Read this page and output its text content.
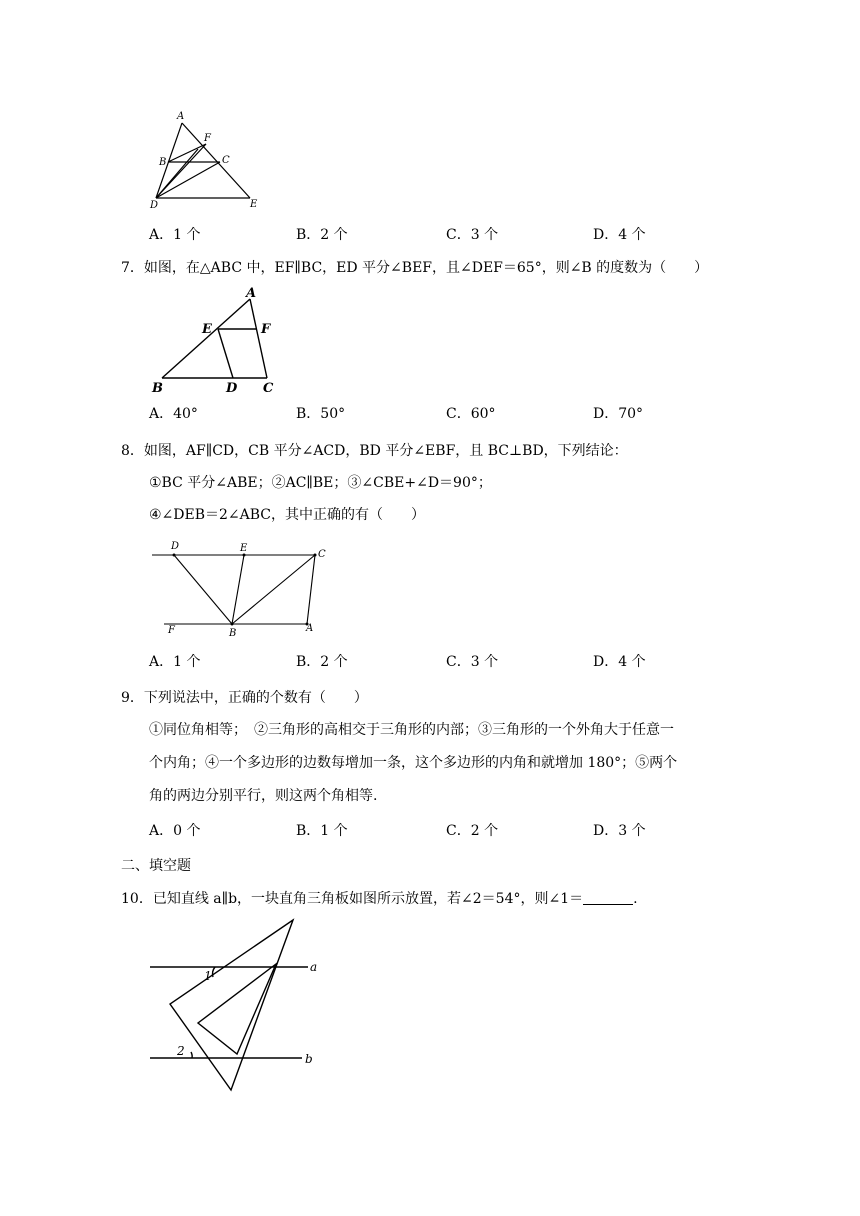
A
F
B	C
D	E
A．1 个	B．2 个	C．3 个	D．4 个
7．如图，在△ABC 中，EF∥BC，ED 平分∠BEF，且∠DEF＝65°，则∠B 的度数为（　　）
A
E	F
B	D C
A．40°	B．50°	C．60°	D．70°
8．如图，AF∥CD，CB 平分∠ACD，BD 平分∠EBF，且 BC⊥BD，下列结论：
①BC 平分∠ABE；②AC∥BE；③∠CBE+∠D＝90°；
④∠DEB＝2∠ABC，其中正确的有（　　）
D	E
C
F	B	A
A．1 个	B．2 个	C．3 个	D．4 个
9．下列说法中，正确的个数有（　　）
①同位角相等；　②三角形的高相交于三角形的内部；③三角形的一个外角大于任意一
个内角；④一个多边形的边数每增加一条，这个多边形的内角和就增加 180°；⑤两个
角的两边分别平行，则这两个角相等.
A．0 个	B．1 个	C．2 个	D．3 个
二、填空题
10．已知直线 a∥b，一块直角三角板如图所示放置，若∠2＝54°，则∠1＝	.
1
2
a
b
